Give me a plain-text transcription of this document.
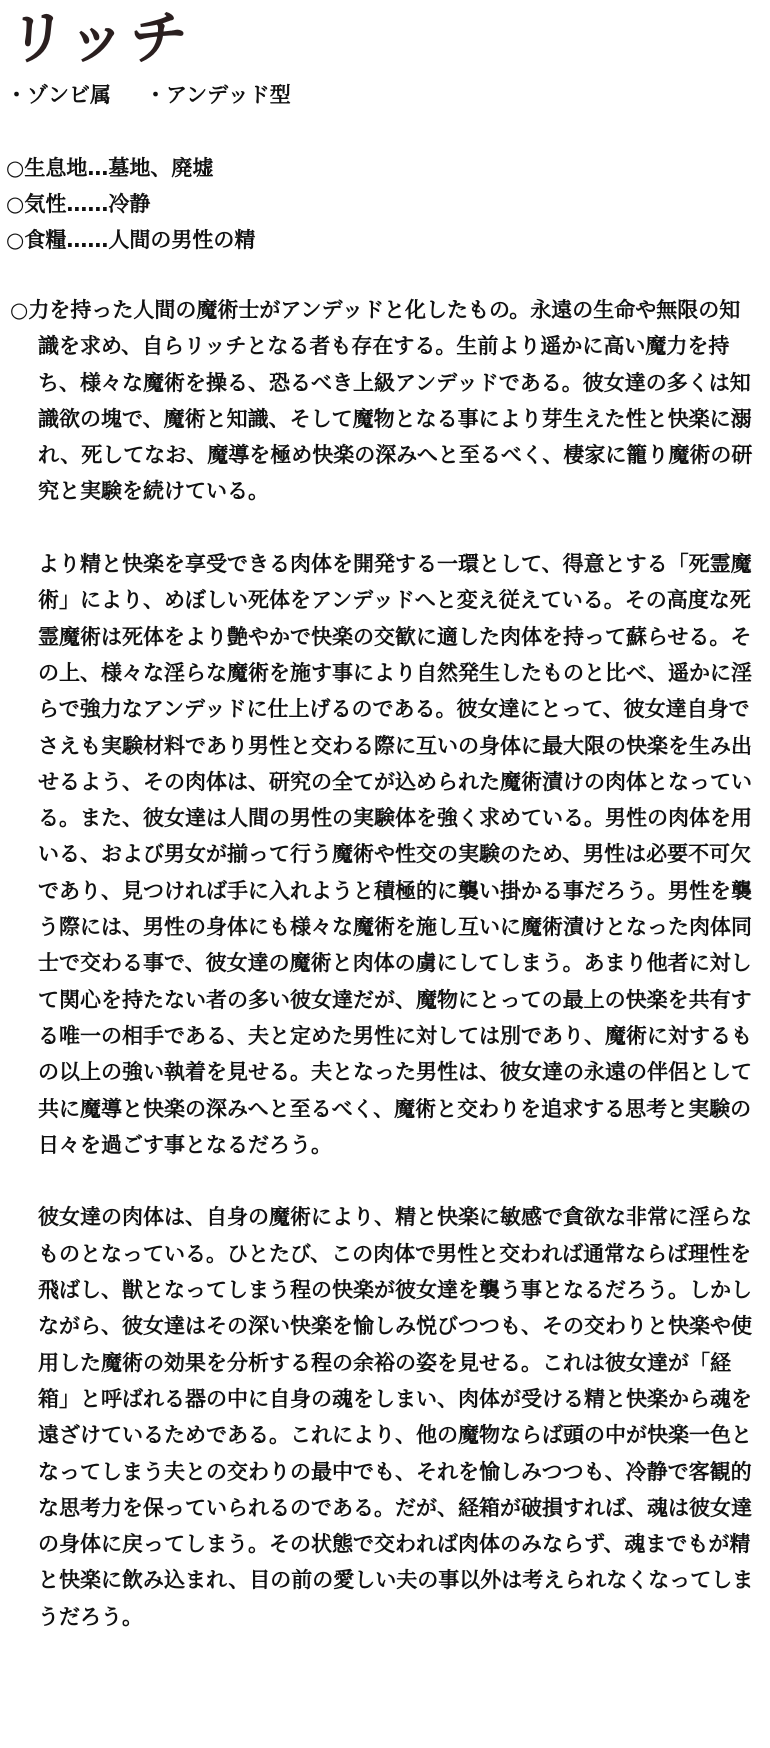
リッチ
・ゾンビ属 ・アンデッド型
○生息地…墓地、廃墟
○気性……冷静
○食糧……人間の男性の精

○力を持った人間の魔術士がアンデッドと化したもの。永遠の生命や無限の知識を求め、自らリッチとなる者も存在する。生前より遥かに高い魔力を持ち、様々な魔術を操る、恐るべき上級アンデッドである。彼女達の多くは知識欲の塊で、魔術と知識、そして魔物となる事により芽生えた性と快楽に溺れ、死してなお、魔導を極め快楽の深みへと至るべく、棲家に籠り魔術の研究と実験を続けている。

より精と快楽を享受できる肉体を開発する一環として、得意とする「死霊魔術」により、めぼしい死体をアンデッドへと変え従えている。その高度な死霊魔術は死体をより艶やかで快楽の交歓に適した肉体を持って蘇らせる。その上、様々な淫らな魔術を施す事により自然発生したものと比べ、遥かに淫らで強力なアンデッドに仕上げるのである。彼女達にとって、彼女達自身でさえも実験材料であり男性と交わる際に互いの身体に最大限の快楽を生み出せるよう、その肉体は、研究の全てが込められた魔術漬けの肉体となっている。また、彼女達は人間の男性の実験体を強く求めている。男性の肉体を用いる、および男女が揃って行う魔術や性交の実験のため、男性は必要不可欠であり、見つければ手に入れようと積極的に襲い掛かる事だろう。男性を襲う際には、男性の身体にも様々な魔術を施し互いに魔術漬けとなった肉体同士で交わる事で、彼女達の魔術と肉体の虜にしてしまう。あまり他者に対して関心を持たない者の多い彼女達だが、魔物にとっての最上の快楽を共有する唯一の相手である、夫と定めた男性に対しては別であり、魔術に対するもの以上の強い執着を見せる。夫となった男性は、彼女達の永遠の伴侶として共に魔導と快楽の深みへと至るべく、魔術と交わりを追求する思考と実験の日々を過ごす事となるだろう。

彼女達の肉体は、自身の魔術により、精と快楽に敏感で貪欲な非常に淫らなものとなっている。ひとたび、この肉体で男性と交われば通常ならば理性を飛ばし、獣となってしまう程の快楽が彼女達を襲う事となるだろう。しかしながら、彼女達はその深い快楽を愉しみ悦びつつも、その交わりと快楽や使用した魔術の効果を分析する程の余裕の姿を見せる。これは彼女達が「経箱」と呼ばれる器の中に自身の魂をしまい、肉体が受ける精と快楽から魂を遠ざけているためである。これにより、他の魔物ならば頭の中が快楽一色となってしまう夫との交わりの最中でも、それを愉しみつつも、冷静で客観的な思考力を保っていられるのである。だが、経箱が破損すれば、魂は彼女達の身体に戻ってしまう。その状態で交われば肉体のみならず、魂までもが精と快楽に飲み込まれ、目の前の愛しい夫の事以外は考えられなくなってしまうだろう。
